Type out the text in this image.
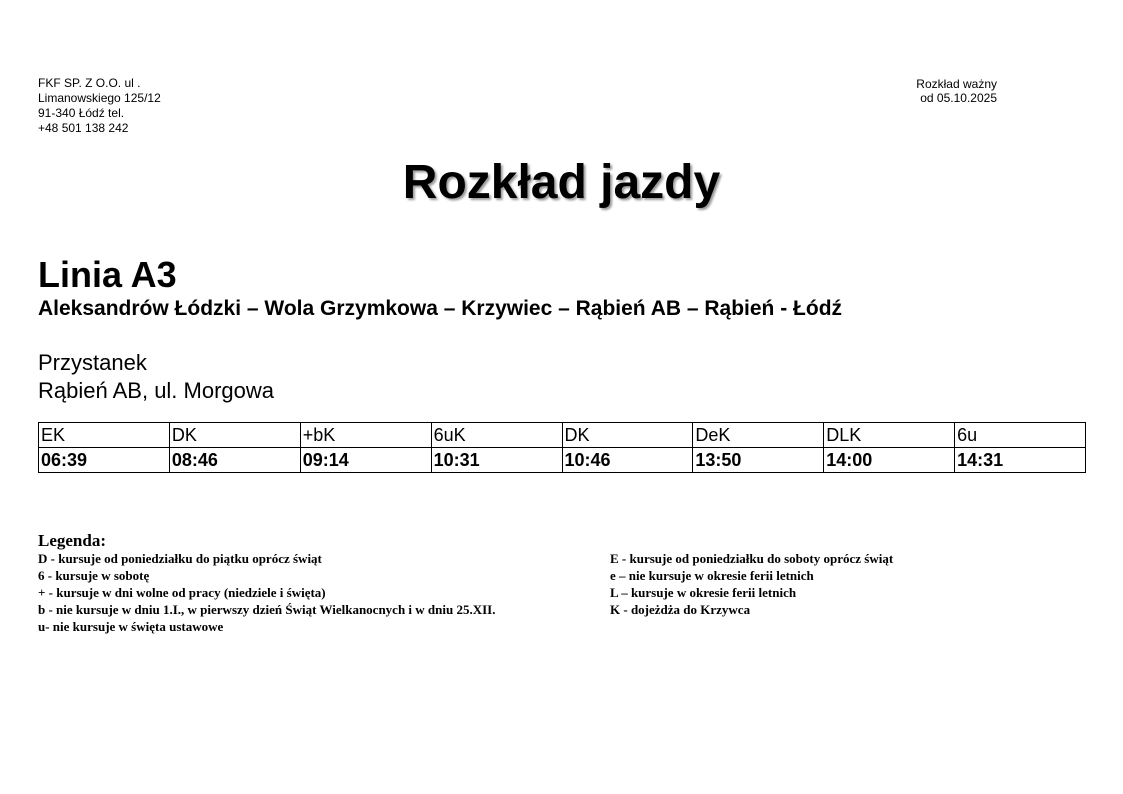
FKF SP. Z O.O. ul .
Limanowskiego 125/12
91-340 Łódź tel.
+48 501 138 242
Rozkład ważny
od 05.10.2025
Rozkład jazdy
Linia A3
Aleksandrów Łódzki – Wola Grzymkowa – Krzywiec – Rąbień AB – Rąbień - Łódź
Przystanek
Rąbień AB, ul. Morgowa
EK	DK	+bK	6uK	DK	DeK	DLK	6u
06:39	08:46	09:14	10:31	10:46	13:50	14:00	14:31
Legenda:
D - kursuje od poniedziałku do piątku oprócz świąt
6 - kursuje w sobotę
+ - kursuje w dni wolne od pracy (niedziele i święta)
b - nie kursuje w dniu 1.I., w pierwszy dzień Świąt Wielkanocnych i w dniu 25.XII.
u- nie kursuje w święta ustawowe
E - kursuje od poniedziałku do soboty oprócz świąt
e – nie kursuje w okresie ferii letnich
L – kursuje w okresie ferii letnich
K - dojeżdża do Krzywca
